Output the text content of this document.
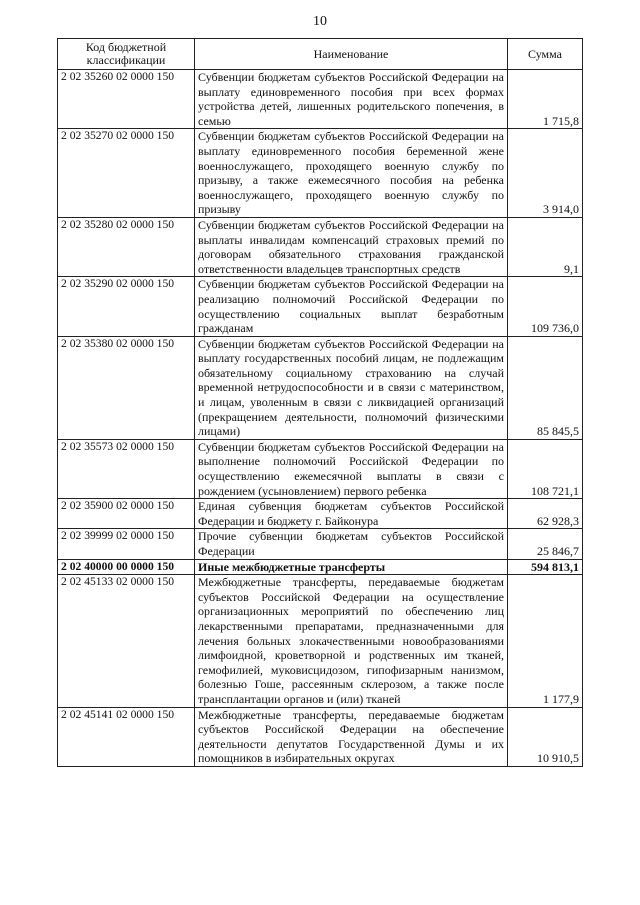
10
Код бюджетной классификации	Наименование	Сумма
2 02 35260 02 0000 150	Субвенции бюджетам субъектов Российской Федерации на выплату единовременного пособия при всех формах устройства детей, лишенных родительского попечения, в семью	1 715,8
2 02 35270 02 0000 150	Субвенции бюджетам субъектов Российской Федерации на выплату единовременного пособия беременной жене военнослужащего, проходящего военную службу по призыву, а также ежемесячного пособия на ребенка военнослужащего, проходящего военную службу по призыву	3 914,0
2 02 35280 02 0000 150	Субвенции бюджетам субъектов Российской Федерации на выплаты инвалидам компенсаций страховых премий по договорам обязательного страхования гражданской ответственности владельцев транспортных средств	9,1
2 02 35290 02 0000 150	Субвенции бюджетам субъектов Российской Федерации на реализацию полномочий Российской Федерации по осуществлению социальных выплат безработным гражданам	109 736,0
2 02 35380 02 0000 150	Субвенции бюджетам субъектов Российской Федерации на выплату государственных пособий лицам, не подлежащим обязательному социальному страхованию на случай временной нетрудоспособности и в связи с материнством, и лицам, уволенным в связи с ликвидацией организаций (прекращением деятельности, полномочий физическими лицами)	85 845,5
2 02 35573 02 0000 150	Субвенции бюджетам субъектов Российской Федерации на выполнение полномочий Российской Федерации по осуществлению ежемесячной выплаты в связи с рождением (усыновлением) первого ребенка	108 721,1
2 02 35900 02 0000 150	Единая субвенция бюджетам субъектов Российской Федерации и бюджету г. Байконура	62 928,3
2 02 39999 02 0000 150	Прочие субвенции бюджетам субъектов Российской Федерации	25 846,7
2 02 40000 00 0000 150	Иные межбюджетные трансферты	594 813,1
2 02 45133 02 0000 150	Межбюджетные трансферты, передаваемые бюджетам субъектов Российской Федерации на осуществление организационных мероприятий по обеспечению лиц лекарственными препаратами, предназначенными для лечения больных злокачественными новообразованиями лимфоидной, кроветворной и родственных им тканей, гемофилией, муковисцидозом, гипофизарным нанизмом, болезнью Гоше, рассеянным склерозом, а также после трансплантации органов и (или) тканей	1 177,9
2 02 45141 02 0000 150	Межбюджетные трансферты, передаваемые бюджетам субъектов Российской Федерации на обеспечение деятельности депутатов Государственной Думы и их помощников в избирательных округах	10 910,5
